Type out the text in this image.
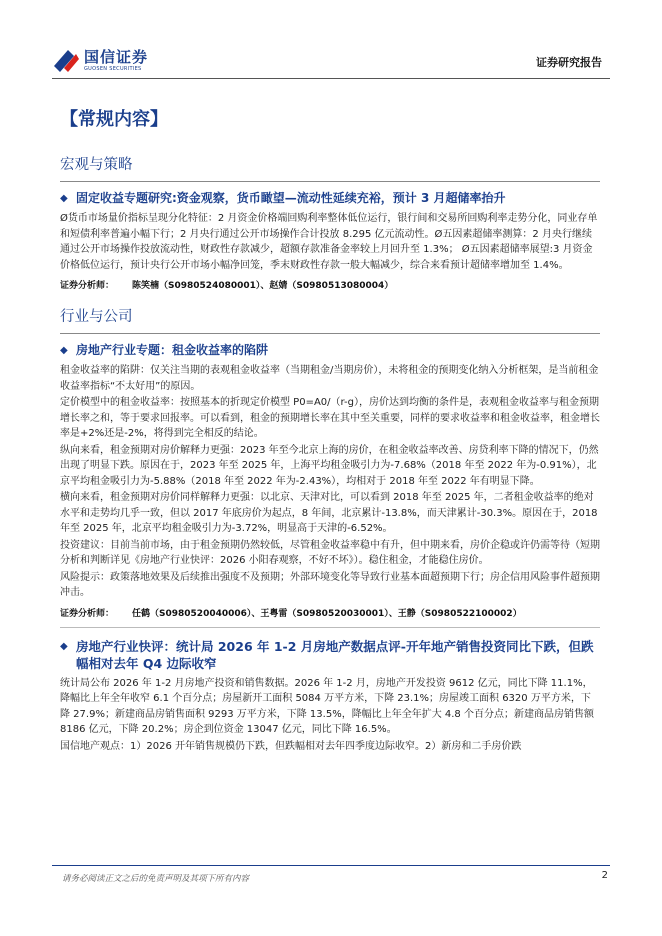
国信证券
GUOSEN SECURITIES	证券研究报告
【常规内容】
宏观与策略
◆ 固定收益专题研究:资金观察，货币瞰望—流动性延续充裕，预计 3 月超储率抬升

Ø货币市场量价指标呈现分化特征：2 月资金价格端回购利率整体低位运行，银行间和交易所回购利率走势分化，同业存单和短债利率普遍小幅下行；2 月央行通过公开市场操作合计投放 8.295 亿元流动性。Ø五因素超储率测算：2 月央行继续通过公开市场操作投放流动性，财政性存款减少，超额存款准备金率较上月回升至 1.3%； Ø五因素超储率展望:3 月资金价格低位运行，预计央行公开市场小幅净回笼，季末财政性存款一般大幅减少，综合来看预计超储率增加至 1.4%。

证券分析师： 陈笑楠（S0980524080001）、赵婧（S0980513080004）
行业与公司
◆ 房地产行业专题：租金收益率的陷阱

租金收益率的陷阱：仅关注当期的表观租金收益率（当期租金/当期房价），未将租金的预期变化纳入分析框架，是当前租金收益率指标“不太好用”的原因。

定价模型中的租金收益率：按照基本的折现定价模型 P0=A0/（r-g），房价达到均衡的条件是，表观租金收益率与租金预期增长率之和，等于要求回报率。可以看到，租金的预期增长率在其中至关重要，同样的要求收益率和租金收益率，租金增长率是+2%还是-2%，将得到完全相反的结论。

纵向来看，租金预期对房价解释力更强：2023 年至今北京上海的房价，在租金收益率改善、房贷利率下降的情况下，仍然出现了明显下跌。原因在于，2023 年至 2025 年，上海平均租金吸引力为-7.68%（2018 年至 2022 年为-0.91%），北京平均租金吸引力为-5.88%（2018 年至 2022 年为-2.43%），均相对于 2018 年至 2022 年有明显下降。

横向来看，租金预期对房价同样解释力更强：以北京、天津对比，可以看到 2018 年至 2025 年，二者租金收益率的绝对水平和走势均几乎一致，但以 2017 年底房价为起点，8 年间，北京累计-13.8%，而天津累计-30.3%。原因在于，2018 年至 2025 年，北京平均租金吸引力为-3.72%，明显高于天津的-6.52%。

投资建议：目前当前市场，由于租金预期仍然较低，尽管租金收益率稳中有升，但中期来看，房价企稳或许仍需等待（短期分析和判断详见《房地产行业快评：2026 小阳春观察，不好不坏》）。稳住租金，才能稳住房价。

风险提示：政策落地效果及后续推出强度不及预期；外部环境变化等导致行业基本面超预期下行；房企信用风险事件超预期冲击。

证券分析师： 任鹤（S0980520040006）、王粤雷（S0980520030001）、王静（S0980522100002）
◆ 房地产行业快评：统计局 2026 年 1-2 月房地产数据点评-开年地产销售投资同比下跌，但跌幅相对去年 Q4 边际收窄

统计局公布 2026 年 1-2 月房地产投资和销售数据。2026 年 1-2 月，房地产开发投资 9612 亿元，同比下降 11.1%，降幅比上年全年收窄 6.1 个百分点；房屋新开工面积 5084 万平方米，下降 23.1%；房屋竣工面积 6320 万平方米，下降 27.9%；新建商品房销售面积 9293 万平方米，下降 13.5%，降幅比上年全年扩大 4.8 个百分点；新建商品房销售额 8186 亿元，下降 20.2%；房企到位资金 13047 亿元，同比下降 16.5%。

国信地产观点：1）2026 开年销售规模仍下跌，但跌幅相对去年四季度边际收窄。2）新房和二手房价跌

请务必阅读正文之后的免责声明及其项下所有内容	2
